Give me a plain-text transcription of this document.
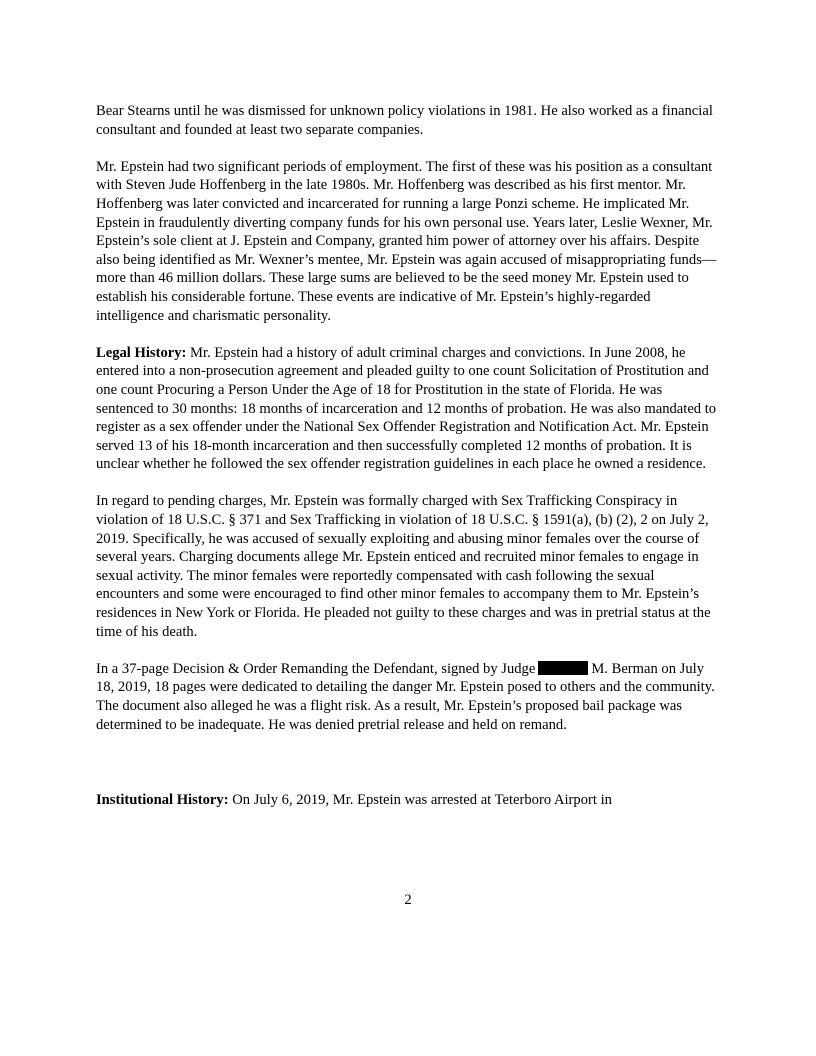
Bear Stearns until he was dismissed for unknown policy violations in 1981. He also worked as a financial consultant and founded at least two separate companies.

Mr. Epstein had two significant periods of employment. The first of these was his position as a consultant with Steven Jude Hoffenberg in the late 1980s. Mr. Hoffenberg was described as his first mentor. Mr. Hoffenberg was later convicted and incarcerated for running a large Ponzi scheme. He implicated Mr. Epstein in fraudulently diverting company funds for his own personal use. Years later, Leslie Wexner, Mr. Epstein’s sole client at J. Epstein and Company, granted him power of attorney over his affairs. Despite also being identified as Mr. Wexner’s mentee, Mr. Epstein was again accused of misappropriating funds—more than 46 million dollars. These large sums are believed to be the seed money Mr. Epstein used to establish his considerable fortune. These events are indicative of Mr. Epstein’s highly-regarded intelligence and charismatic personality.

Legal History: Mr. Epstein had a history of adult criminal charges and convictions. In June 2008, he entered into a non-prosecution agreement and pleaded guilty to one count Solicitation of Prostitution and one count Procuring a Person Under the Age of 18 for Prostitution in the state of Florida. He was sentenced to 30 months: 18 months of incarceration and 12 months of probation. He was also mandated to register as a sex offender under the National Sex Offender Registration and Notification Act. Mr. Epstein served 13 of his 18-month incarceration and then successfully completed 12 months of probation. It is unclear whether he followed the sex offender registration guidelines in each place he owned a residence.

In regard to pending charges, Mr. Epstein was formally charged with Sex Trafficking Conspiracy in violation of 18 U.S.C. § 371 and Sex Trafficking in violation of 18 U.S.C. § 1591(a), (b) (2), 2 on July 2, 2019. Specifically, he was accused of sexually exploiting and abusing minor females over the course of several years. Charging documents allege Mr. Epstein enticed and recruited minor females to engage in sexual activity. The minor females were reportedly compensated with cash following the sexual encounters and some were encouraged to find other minor females to accompany them to Mr. Epstein’s residences in New York or Florida. He pleaded not guilty to these charges and was in pretrial status at the time of his death.

In a 37-page Decision & Order Remanding the Defendant, signed by Judge	M. Berman on July 18, 2019, 18 pages were dedicated to detailing the danger Mr. Epstein posed to others and the community. The document also alleged he was a flight risk. As a result, Mr. Epstein’s proposed bail package was determined to be inadequate. He was denied pretrial release and held on remand.

Institutional History: On July 6, 2019, Mr. Epstein was arrested at Teterboro Airport in

2
